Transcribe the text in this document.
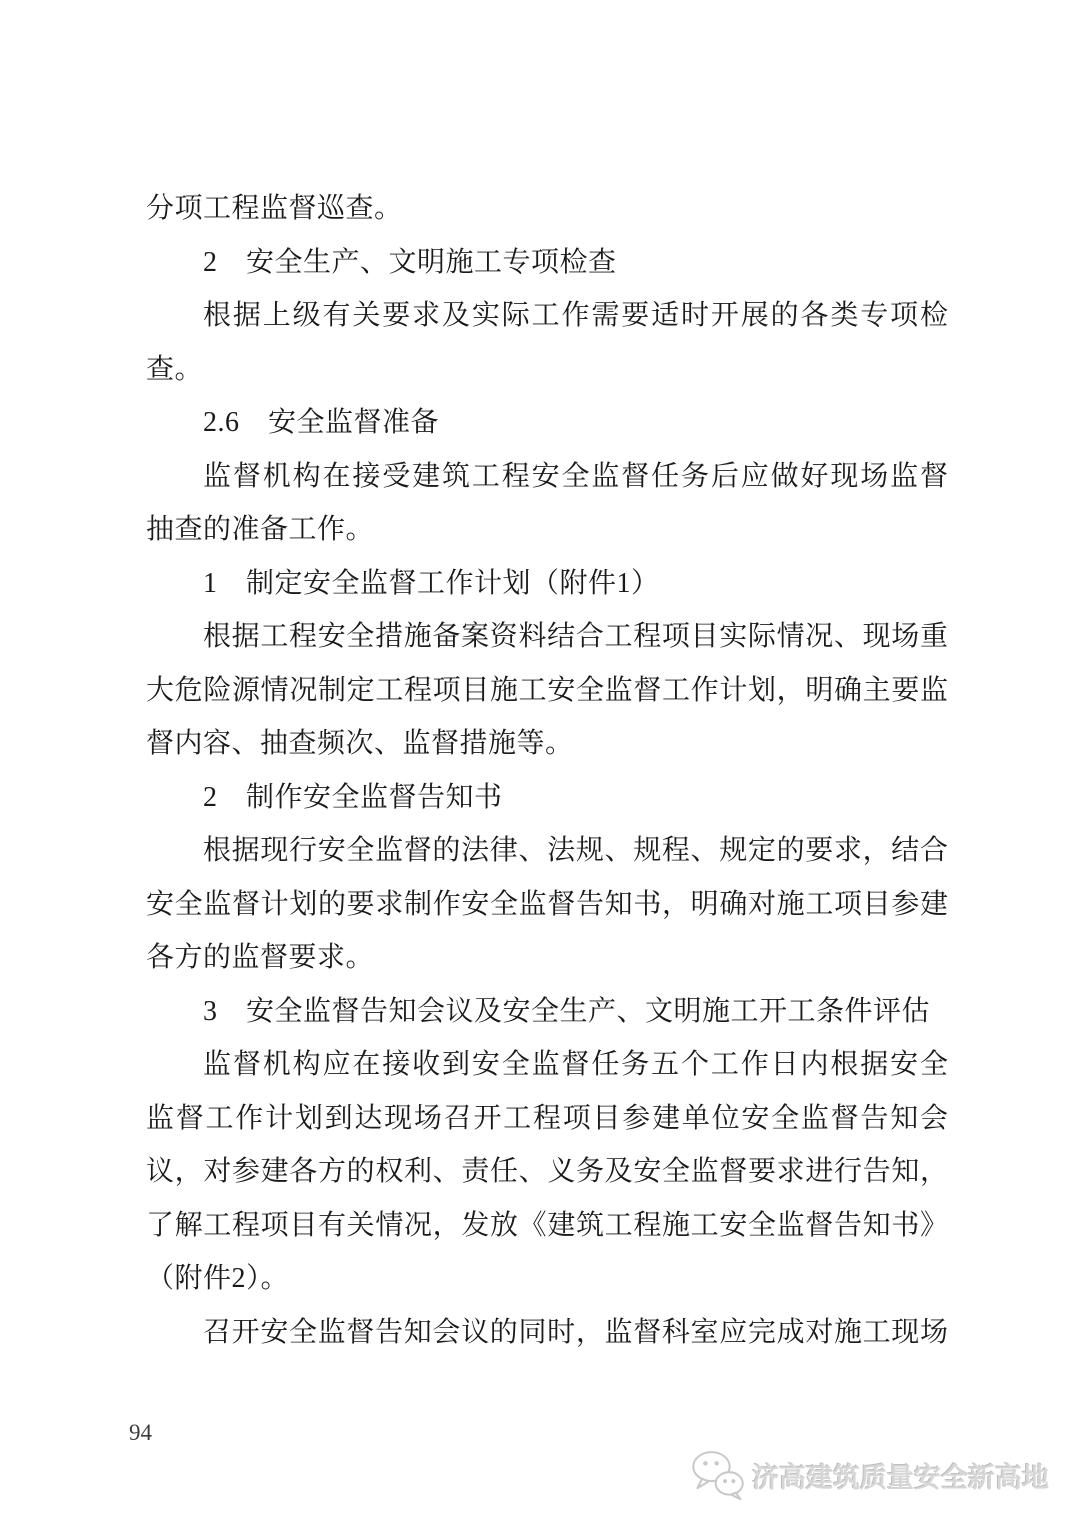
分项工程监督巡查。
2　安全生产、文明施工专项检查
根据上级有关要求及实际工作需要适时开展的各类专项检
查。
2.6　安全监督准备
监督机构在接受建筑工程安全监督任务后应做好现场监督
抽查的准备工作。
1　制定安全监督工作计划（附件1）
根据工程安全措施备案资料结合工程项目实际情况、现场重
大危险源情况制定工程项目施工安全监督工作计划，明确主要监
督内容、抽查频次、监督措施等。
2　制作安全监督告知书
根据现行安全监督的法律、法规、规程、规定的要求，结合
安全监督计划的要求制作安全监督告知书，明确对施工项目参建
各方的监督要求。
3　安全监督告知会议及安全生产、文明施工开工条件评估
监督机构应在接收到安全监督任务五个工作日内根据安全
监督工作计划到达现场召开工程项目参建单位安全监督告知会
议，对参建各方的权利、责任、义务及安全监督要求进行告知，
了解工程项目有关情况，发放《建筑工程施工安全监督告知书》
（附件2）。
召开安全监督告知会议的同时，监督科室应完成对施工现场
94
济高建筑质量安全新高地
